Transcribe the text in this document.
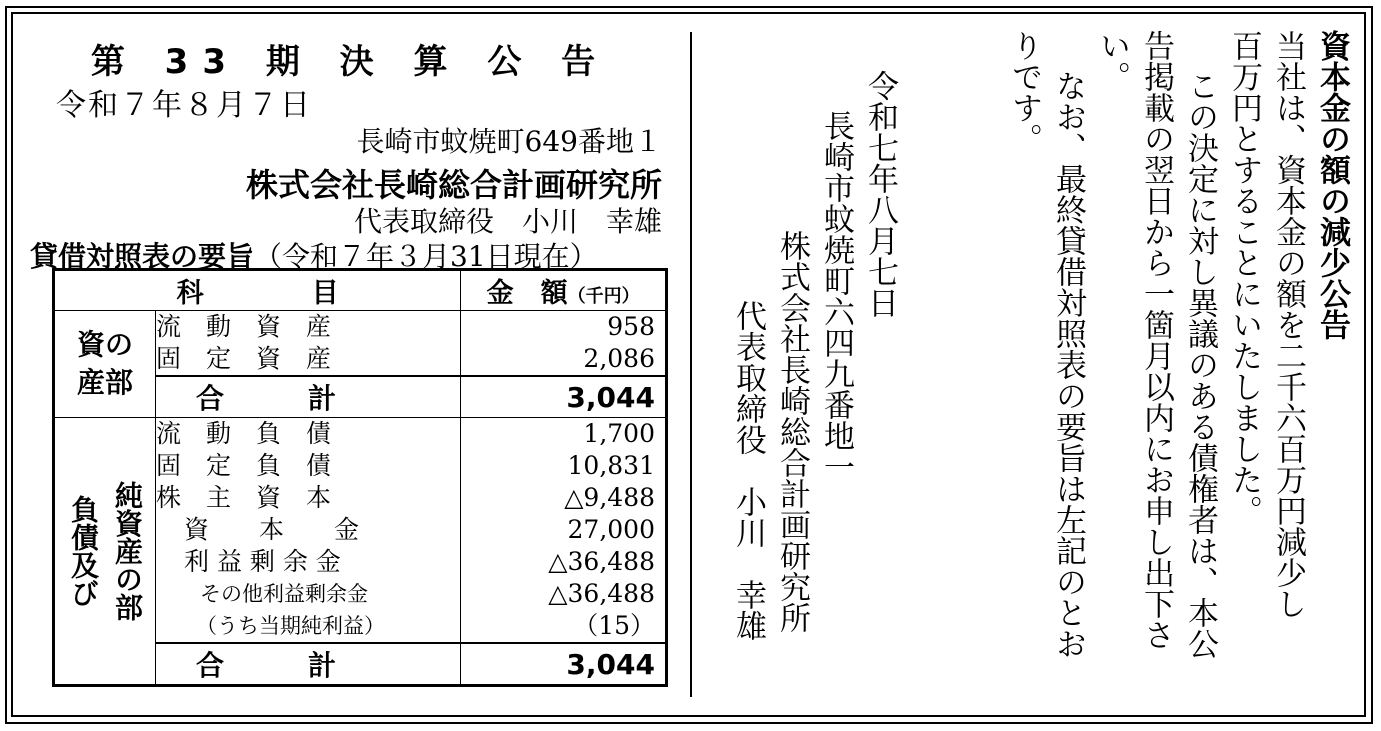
第 33 期 決 算 公 告
令和７年８月７日
長崎市蚊焼町649番地１
株式会社長崎総合計画研究所
代表取締役　小川　幸雄
貸借対照表の要旨（令和７年３月31日現在）
科　　　　目		金　額（千円）

資の
産部	流　動　資　産	958
	固　定　資　産	2,086
	合　　　計	3,044

負債及び 純資産の部	流　動　負　債	1,700
	固　定　負　債	10,831
	株　主　資　本	△9,488
	資　　本　　金	27,000
	利 益 剰 余 金	△36,488
	その他利益剰余金	△36,488
	（うち当期純利益）	（15）
	合　　　計	3,044
資本金の額の減少公告
当社は、資本金の額を二千六百万円減少し
百万円とすることにいたしました。
この決定に対し異議のある債権者は、本公
告掲載の翌日から一箇月以内にお申し出下さ
い。
なお、最終貸借対照表の要旨は左記のとお
りです。
令和七年八月七日
長崎市蚊焼町六四九番地一
株式会社長崎総合計画研究所
代表取締役　小川　幸雄
